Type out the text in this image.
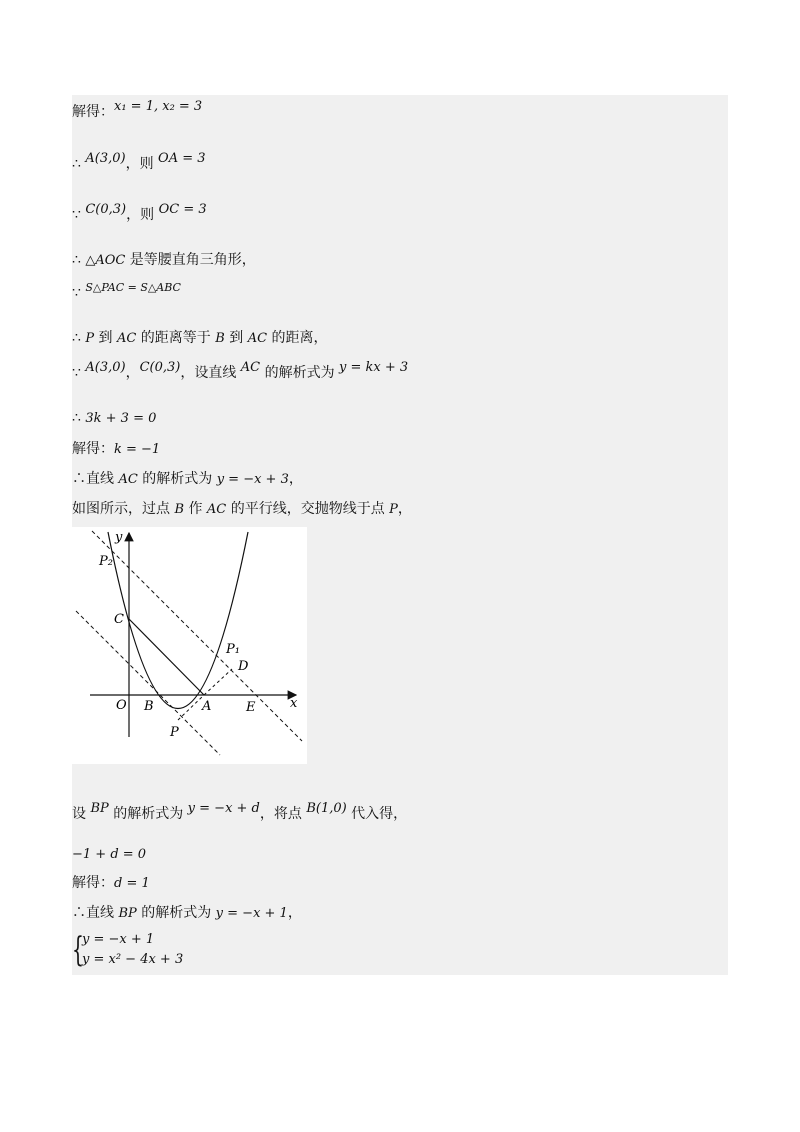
解得：x₁ = 1, x₂ = 3
∴ A(3,0)，则 OA = 3
∵ C(0,3)，则 OC = 3
∴ △AOC 是等腰直角三角形，
∵ $^{S\triangle PAC = S\triangle ABC}$
∴ P 到 AC 的距离等于 B 到 AC 的距离，
∵ A(3,0)，C(0,3)，设直线 AC 的解析式为 y = kx + 3
∴ 3k + 3 = 0
解得：k = −1
∴直线 AC 的解析式为 y = −x + 3，
如图所示，过点 B 作 AC 的平行线，交抛物线于点 P，
y
P₂
C
P₁
D
O B	A	E	x
P
设 BP 的解析式为 y = −x + d，将点 B(1,0) 代入得，
−1 + d = 0
解得：d = 1
∴直线 BP 的解析式为 y = −x + 1，
{
y = −x + 1
y = x² − 4x + 3
